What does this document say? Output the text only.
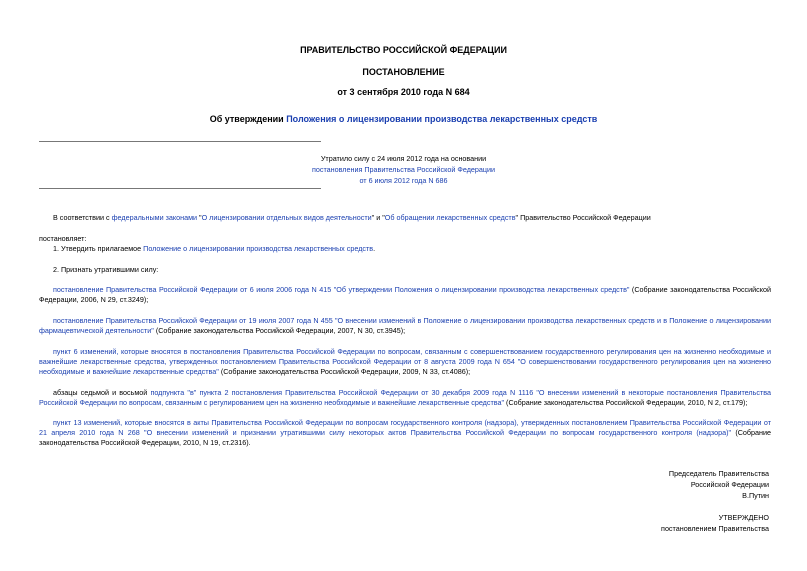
ПРАВИТЕЛЬСТВО РОССИЙСКОЙ ФЕДЕРАЦИИ
ПОСТАНОВЛЕНИЕ
от 3 сентября 2010 года N 684
Об утверждении Положения о лицензировании производства лекарственных средств
Утратило силу с 24 июля 2012 года на основании
постановления Правительства Российской Федерации
от 6 июля 2012 года N 686
В соответствии с федеральными законами "О лицензировании отдельных видов деятельности" и "Об обращении лекарственных средств" Правительство Российской Федерации
постановляет:
1. Утвердить прилагаемое Положение о лицензировании производства лекарственных средств.
2. Признать утратившими силу:
постановление Правительства Российской Федерации от 6 июля 2006 года N 415 "Об утверждении Положения о лицензировании производства лекарственных средств" (Собрание законодательства Российской Федерации, 2006, N 29, ст.3249);
постановление Правительства Российской Федерации от 19 июля 2007 года N 455 "О внесении изменений в Положение о лицензировании производства лекарственных средств и в Положение о лицензировании фармацевтической деятельности" (Собрание законодательства Российской Федерации, 2007, N 30, ст.3945);
пункт 6 изменений, которые вносятся в постановления Правительства Российской Федерации по вопросам, связанным с совершенствованием государственного регулирования цен на жизненно необходимые и важнейшие лекарственные средства, утвержденных постановлением Правительства Российской Федерации от 8 августа 2009 года N 654 "О совершенствовании государственного регулирования цен на жизненно необходимые и важнейшие лекарственные средства" (Собрание законодательства Российской Федерации, 2009, N 33, ст.4086);
абзацы седьмой и восьмой подпункта "в" пункта 2 постановления Правительства Российской Федерации от 30 декабря 2009 года N 1116 "О внесении изменений в некоторые постановления Правительства Российской Федерации по вопросам, связанным с регулированием цен на жизненно необходимые и важнейшие лекарственные средства" (Собрание законодательства Российской Федерации, 2010, N 2, ст.179);
пункт 13 изменений, которые вносятся в акты Правительства Российской Федерации по вопросам государственного контроля (надзора), утвержденных постановлением Правительства Российской Федерации от 21 апреля 2010 года N 268 "О внесении изменений и признании утратившими силу некоторых актов Правительства Российской Федерации по вопросам государственного контроля (надзора)" (Собрание законодательства Российской Федерации, 2010, N 19, ст.2316).
Председатель Правительства
Российской Федерации
В.Путин
УТВЕРЖДЕНО
постановлением Правительства
